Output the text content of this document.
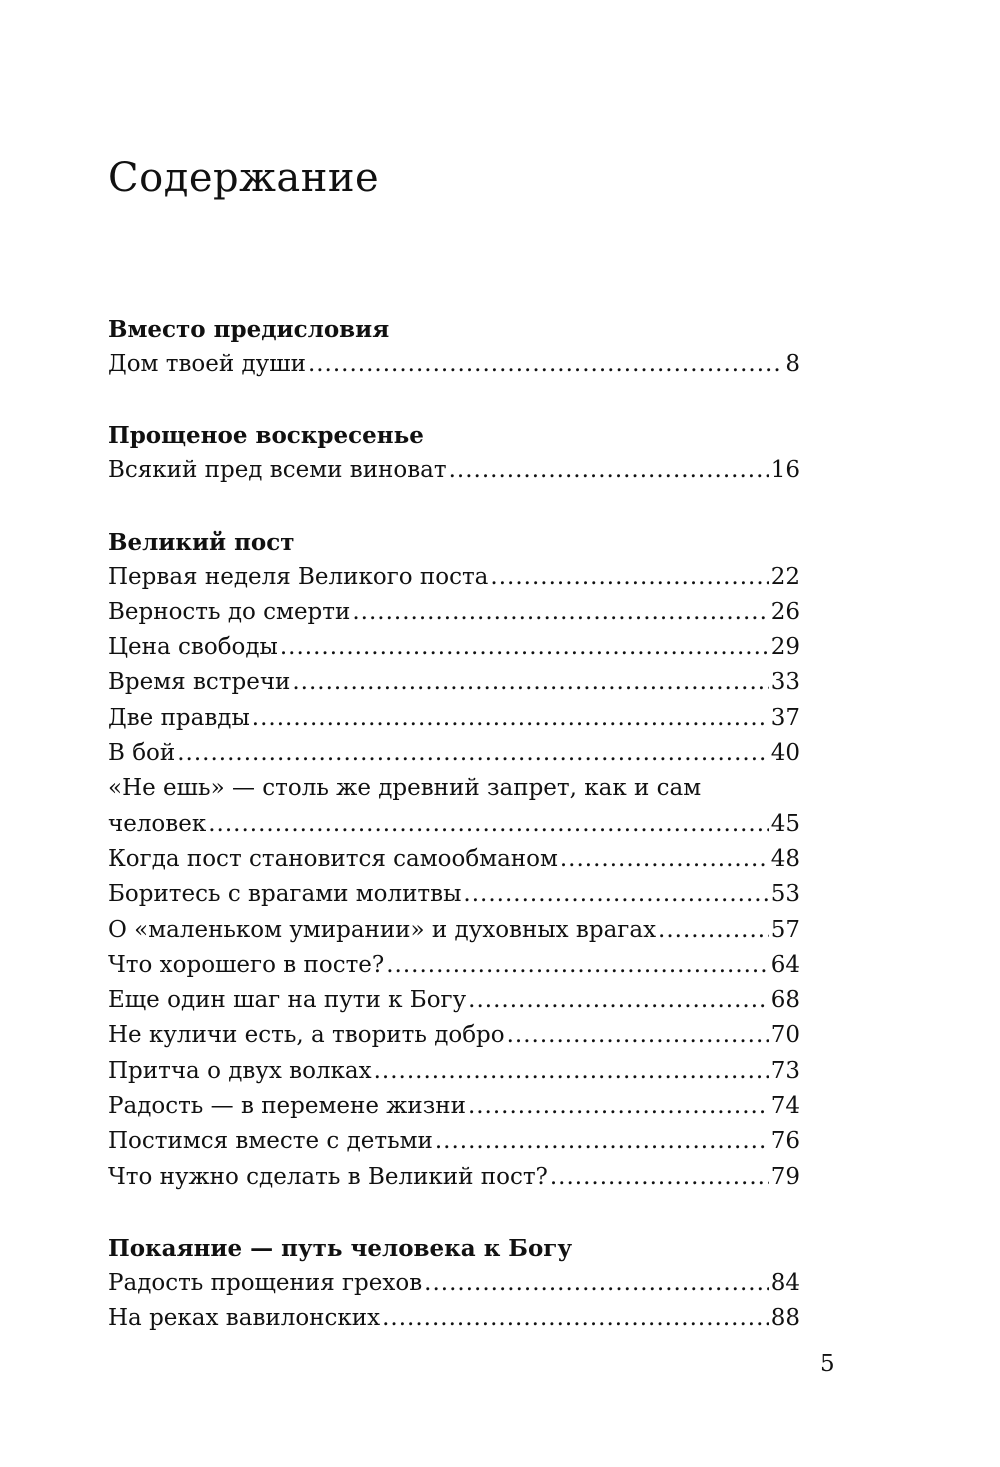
Содержание
Вместо предисловия
Дом твоей души .....	8
Прощеное воскресенье
Всякий пред всеми виноват .....	16
Великий пост
Первая неделя Великого поста .....	22
Верность до смерти .....	26
Цена свободы .....	29
Время встречи .....	33
Две правды .....	37
В бой .....	40
«Не ешь» — столь же древний запрет, как и сам
человек .....	45
Когда пост становится самообманом .....	48
Боритесь с врагами молитвы .....	53
О «маленьком умирании» и духовных врагах .....	57
Что хорошего в посте? .....	64
Еще один шаг на пути к Богу .....	68
Не куличи есть, а творить добро .....	70
Притча о двух волках .....	73
Радость — в перемене жизни .....	74
Постимся вместе с детьми .....	76
Что нужно сделать в Великий пост? .....	79
Покаяние — путь человека к Богу
Радость прощения грехов .....	84
На реках вавилонских .....	88
5
